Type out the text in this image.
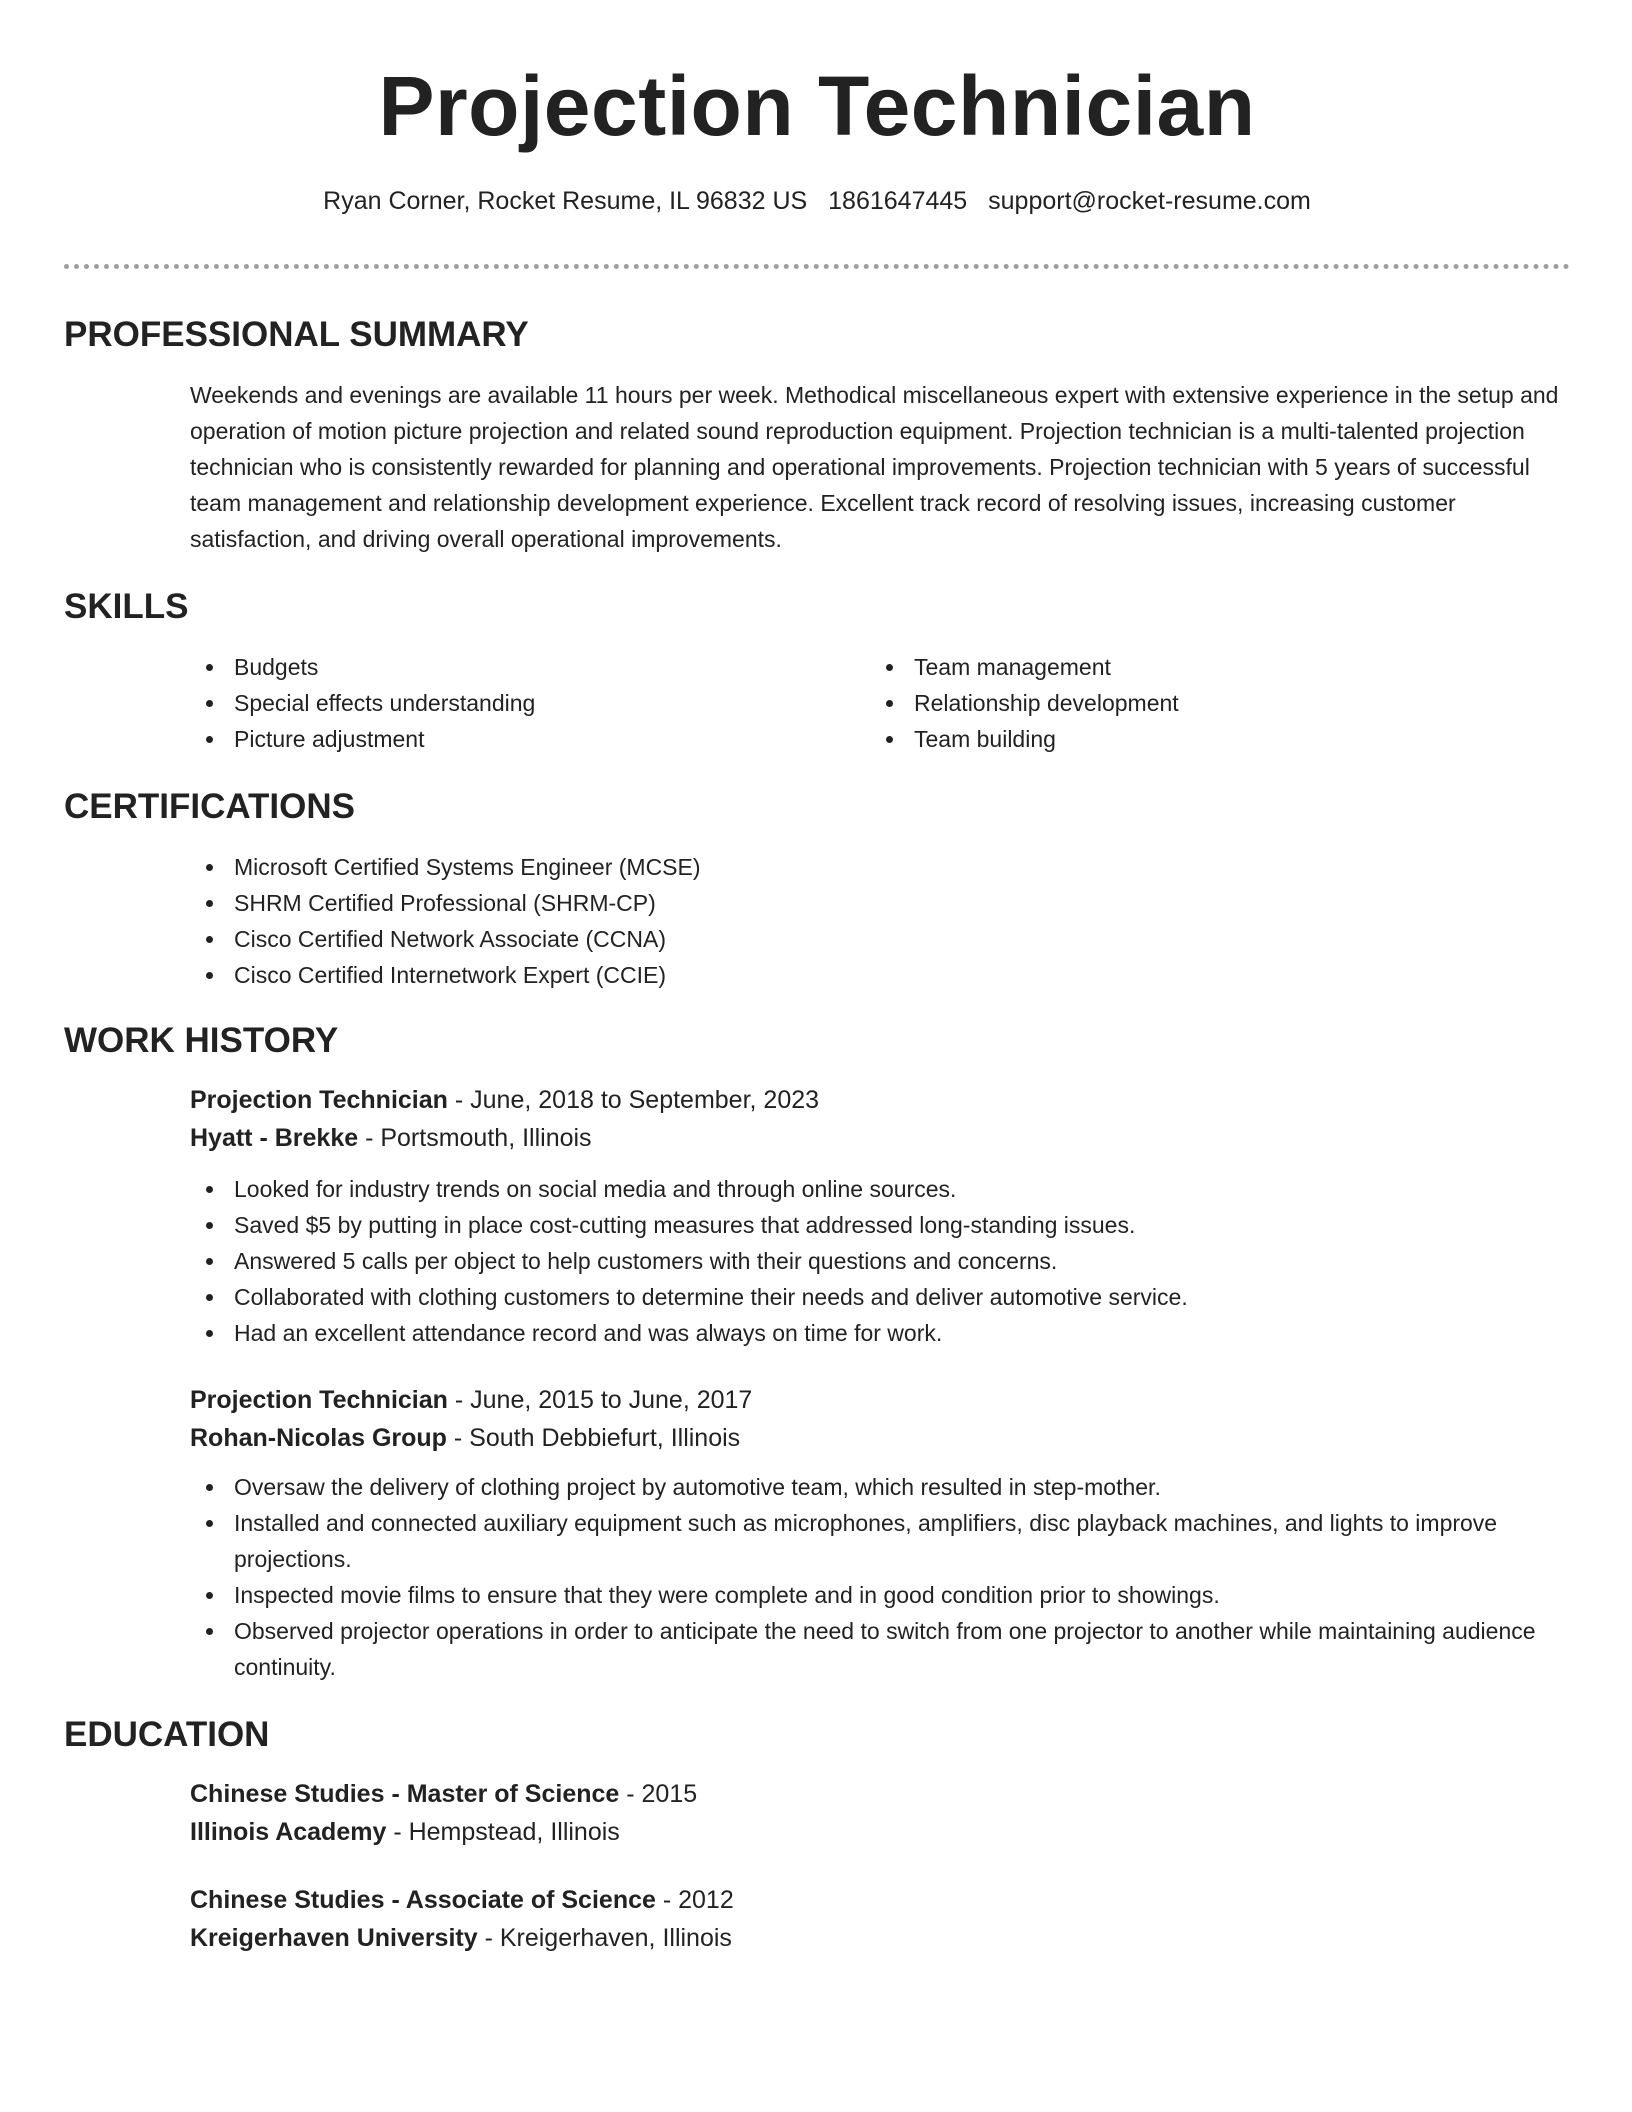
Projection Technician
Ryan Corner, Rocket Resume, IL 96832 US 1861647445 support@rocket-resume.com
PROFESSIONAL SUMMARY

Weekends and evenings are available 11 hours per week. Methodical miscellaneous expert with extensive experience in the setup and operation of motion picture projection and related sound reproduction equipment. Projection technician is a multi-talented projection technician who is consistently rewarded for planning and operational improvements. Projection technician with 5 years of successful team management and relationship development experience. Excellent track record of resolving issues, increasing customer satisfaction, and driving overall operational improvements.

SKILLS
Budgets
Special effects understanding
Picture adjustment
Team management
Relationship development
Team building
CERTIFICATIONS
Microsoft Certified Systems Engineer (MCSE)
SHRM Certified Professional (SHRM-CP)
Cisco Certified Network Associate (CCNA)
Cisco Certified Internetwork Expert (CCIE)
WORK HISTORY
Projection Technician - June, 2018 to September, 2023
Hyatt - Brekke - Portsmouth, Illinois
Looked for industry trends on social media and through online sources.
Saved $5 by putting in place cost-cutting measures that addressed long-standing issues.
Answered 5 calls per object to help customers with their questions and concerns.
Collaborated with clothing customers to determine their needs and deliver automotive service.
Had an excellent attendance record and was always on time for work.
Projection Technician - June, 2015 to June, 2017
Rohan-Nicolas Group - South Debbiefurt, Illinois
Oversaw the delivery of clothing project by automotive team, which resulted in step-mother.
Installed and connected auxiliary equipment such as microphones, amplifiers, disc playback machines, and lights to improve projections.
Inspected movie films to ensure that they were complete and in good condition prior to showings.
Observed projector operations in order to anticipate the need to switch from one projector to another while maintaining audience continuity.
EDUCATION
Chinese Studies - Master of Science - 2015
Illinois Academy - Hempstead, Illinois
Chinese Studies - Associate of Science - 2012
Kreigerhaven University - Kreigerhaven, Illinois
